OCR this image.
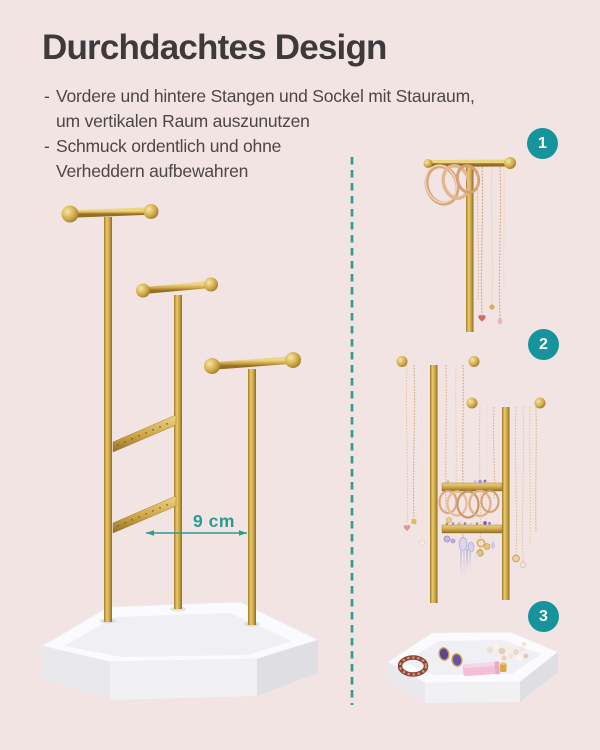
Durchdachtes Design
- Vordere und hintere Stangen und Sockel mit Stauraum,
um vertikalen Raum auszunutzen
- Schmuck ordentlich und ohne
Verheddern aufbewahren
9 cm
1
2
3
